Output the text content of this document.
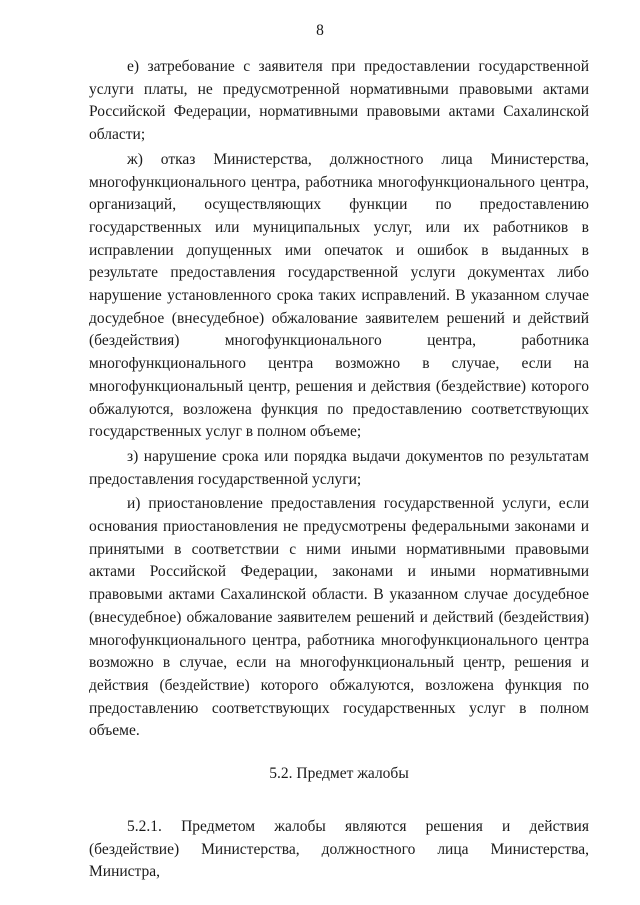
8

е) затребование с заявителя при предоставлении государственной услуги платы, не предусмотренной нормативными правовыми актами Российской Федерации, нормативными правовыми актами Сахалинской области;

ж) отказ Министерства, должностного лица Министерства, многофункционального центра, работника многофункционального центра, организаций, осуществляющих функции по предоставлению государственных или муниципальных услуг, или их работников в исправлении допущенных ими опечаток и ошибок в выданных в результате предоставления государственной услуги документах либо нарушение установленного срока таких исправлений. В указанном случае досудебное (внесудебное) обжалование заявителем решений и действий (бездействия) многофункционального центра, работника многофункционального центра возможно в случае, если на многофункциональный центр, решения и действия (бездействие) которого обжалуются, возложена функция по предоставлению соответствующих государственных услуг в полном объеме;

з) нарушение срока или порядка выдачи документов по результатам предоставления государственной услуги;

и) приостановление предоставления государственной услуги, если основания приостановления не предусмотрены федеральными законами и принятыми в соответствии с ними иными нормативными правовыми актами Российской Федерации, законами и иными нормативными правовыми актами Сахалинской области. В указанном случае досудебное (внесудебное) обжалование заявителем решений и действий (бездействия) многофункционального центра, работника многофункционального центра возможно в случае, если на многофункциональный центр, решения и действия (бездействие) которого обжалуются, возложена функция по предоставлению соответствующих государственных услуг в полном объеме.

5.2. Предмет жалобы

5.2.1. Предметом жалобы являются решения и действия (бездействие) Министерства, должностного лица Министерства, Министра,
